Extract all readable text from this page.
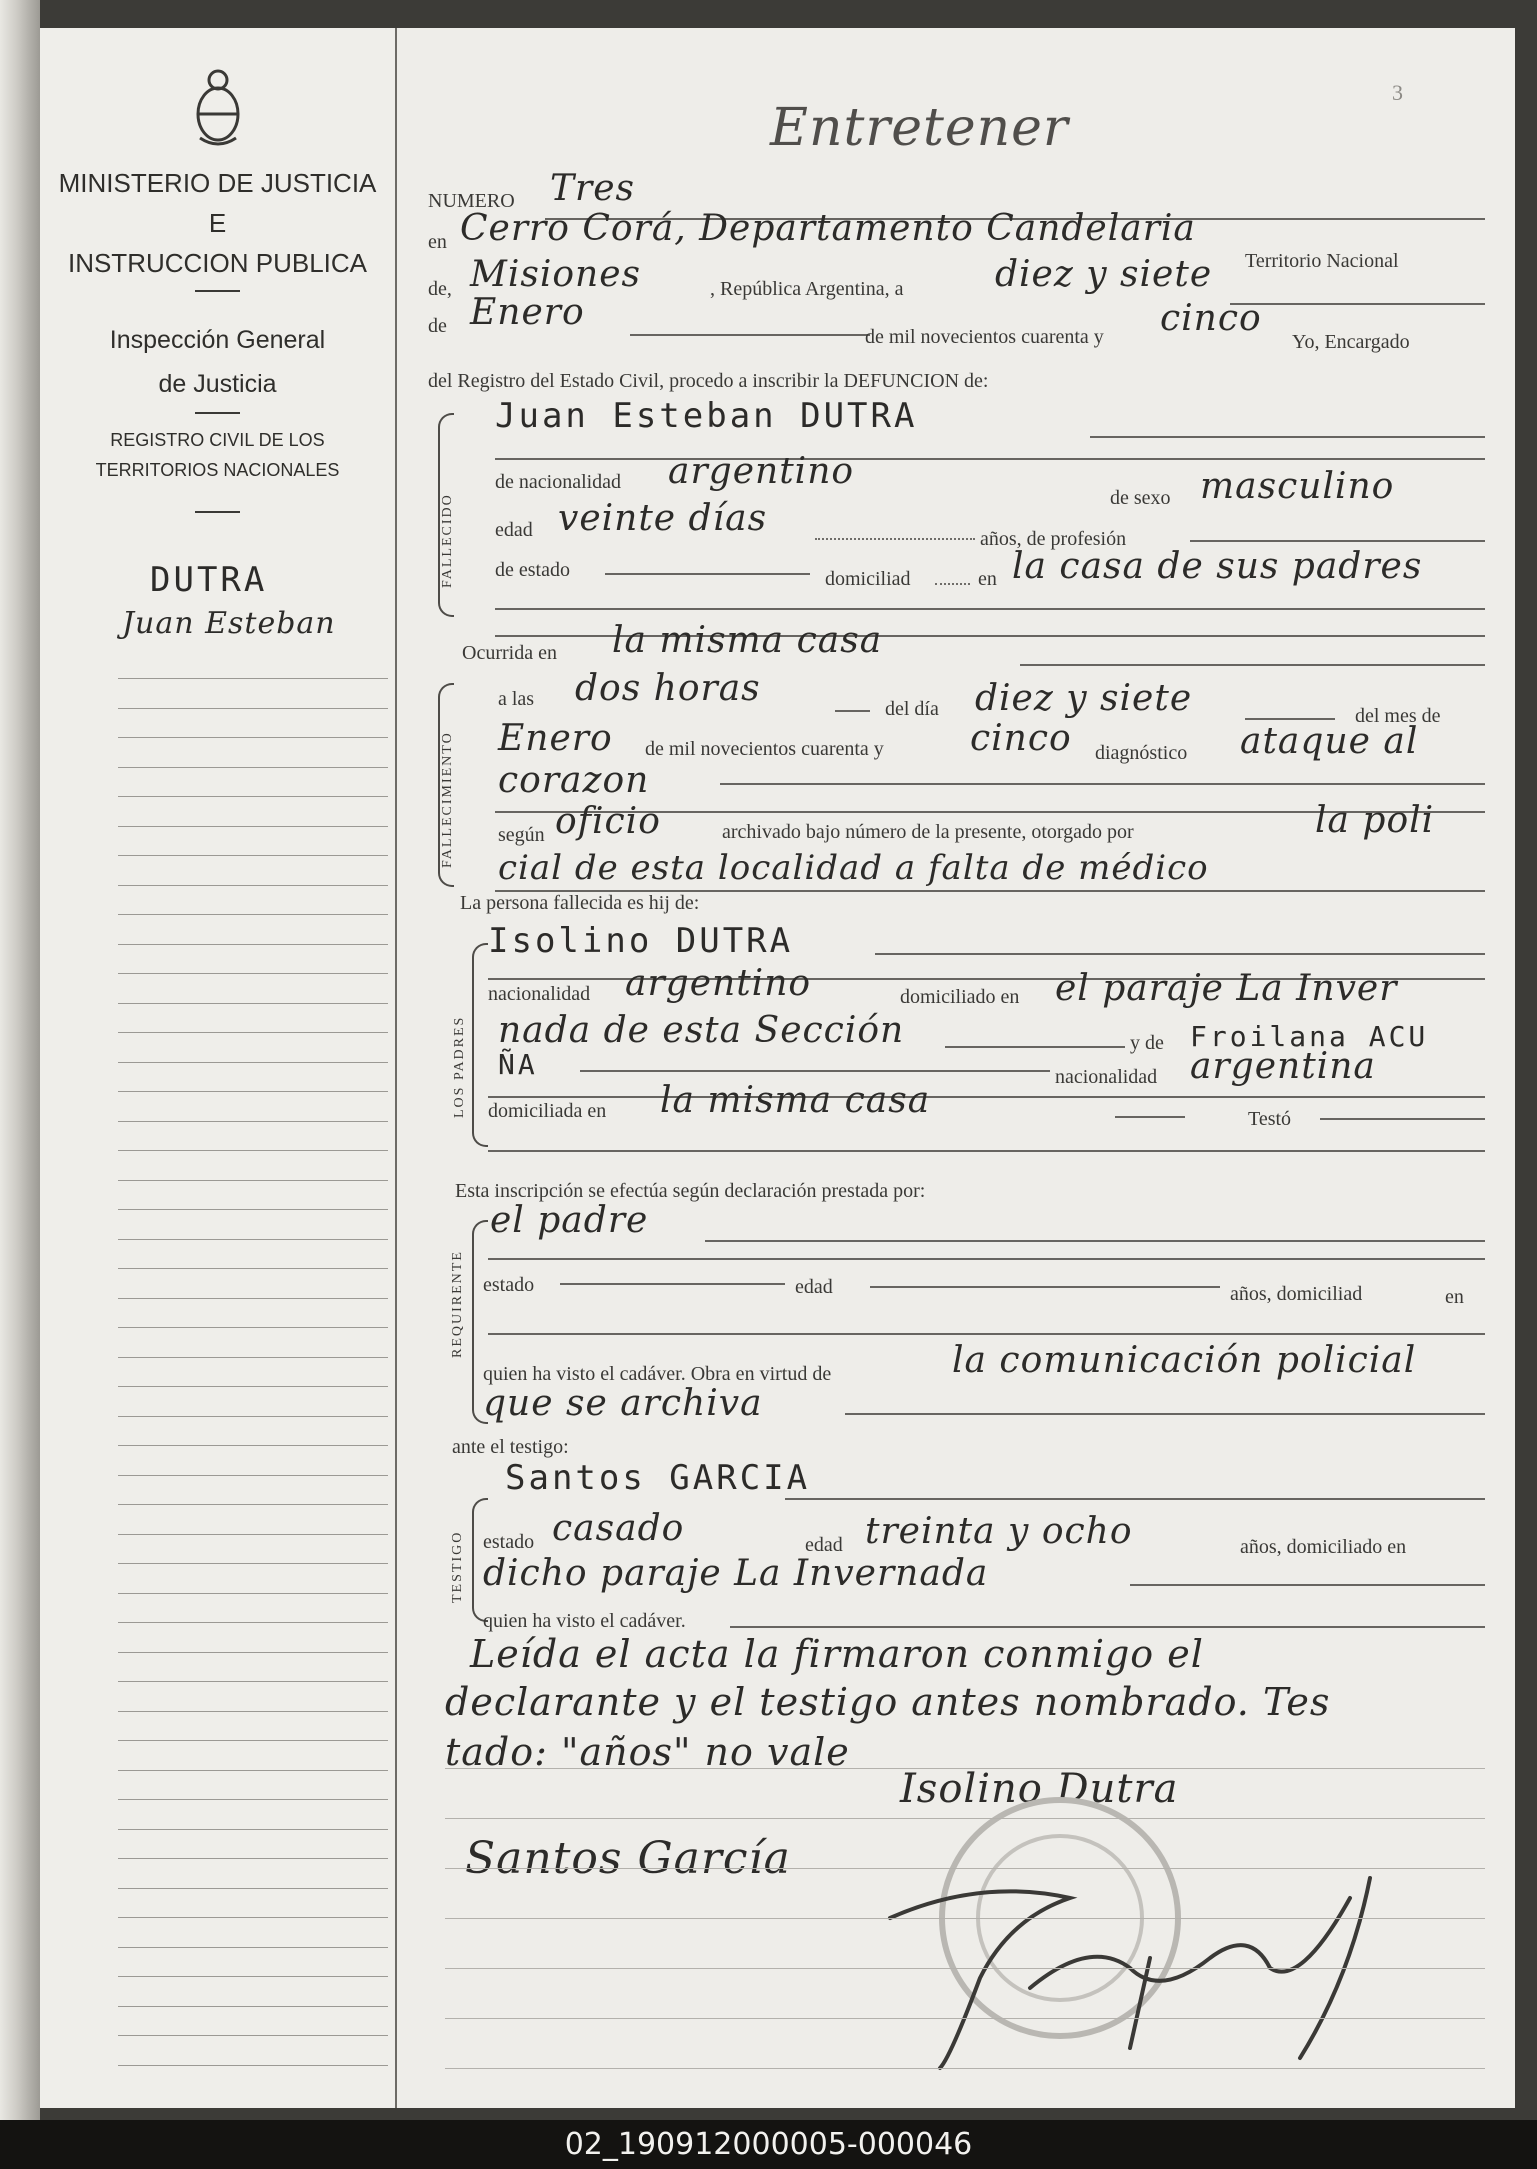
MINISTERIO DE JUSTICIA
E
INSTRUCCION PUBLICA
Inspección General
de Justicia
REGISTRO CIVIL DE LOS
TERRITORIOS NACIONALES
DUTRA
Juan Esteban
3
Entretener
NUMERO Tres
en Cerro Corá, Departamento Candelaria
Territorio Nacional
de, Misiones	, República Argentina, a	diez y siete
de Enero
de mil novecientos cuarenta y cinco
Yo, Encargado
del Registro del Estado Civil, procedo a inscribir la DEFUNCION de:
FALLECIDO
Juan Esteban DUTRA
de nacionalidad argentino
de sexo masculino
edad veinte días	años, de profesión
de estado	domiciliad	en la casa de sus padres
Ocurrida en la misma casa
FALLECIMIENTO
a las dos horas	del día diez y siete	del mes de
Enero de mil novecientos cuarenta y cinco diagnóstico ataque al
corazon
según oficio	archivado bajo número de la presente, otorgado por	la poli
cial de esta localidad a falta de médico
La persona fallecida es hij de:
LOS PADRES
Isolino DUTRA
nacionalidad argentino	domiciliado en el paraje La Inver
nada de esta Sección	y de Froilana ACU
ÑA	nacionalidad argentina
domiciliada en la misma casa	Testó
Esta inscripción se efectúa según declaración prestada por:
REQUIRENTE
el padre
estado	edad	años, domiciliad	en
quien ha visto el cadáver. Obra en virtud de	la comunicación policial
que se archiva
ante el testigo:
TESTIGO
Santos GARCIA
estado casado	edad treinta y ocho	años, domiciliado en
dicho paraje La Invernada
quien ha visto el cadáver.
Leída el acta la firmaron conmigo el
declarante y el testigo antes nombrado. Tes
tado: "años" no vale
Isolino Dutra
Santos García
02_190912000005-000046
